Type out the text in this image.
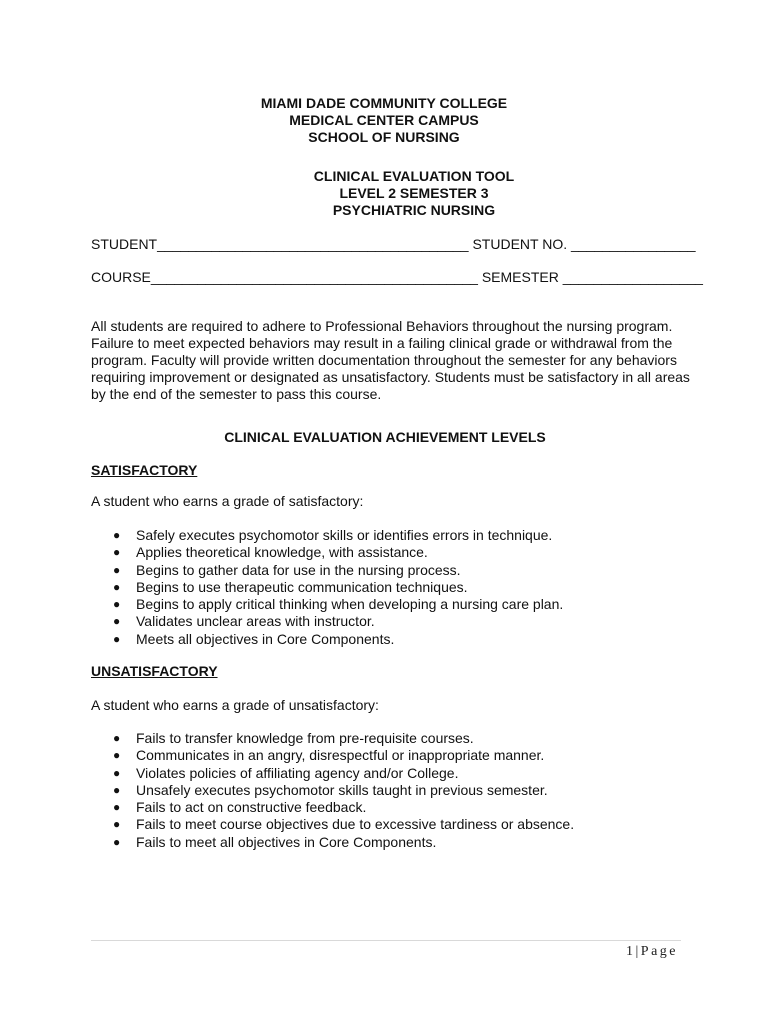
MIAMI DADE COMMUNITY COLLEGE
MEDICAL CENTER CAMPUS
SCHOOL OF NURSING
CLINICAL EVALUATION TOOL
LEVEL 2 SEMESTER 3
PSYCHIATRIC NURSING
STUDENT________________________________________ STUDENT NO. ________________
COURSE__________________________________________ SEMESTER __________________

All students are required to adhere to Professional Behaviors throughout the nursing program. Failure to meet expected behaviors may result in a failing clinical grade or withdrawal from the program. Faculty will provide written documentation throughout the semester for any behaviors requiring improvement or designated as unsatisfactory. Students must be satisfactory in all areas by the end of the semester to pass this course.

CLINICAL EVALUATION ACHIEVEMENT LEVELS
SATISFACTORY
A student who earns a grade of satisfactory:
● Safely executes psychomotor skills or identifies errors in technique.
● Applies theoretical knowledge, with assistance.
● Begins to gather data for use in the nursing process.
● Begins to use therapeutic communication techniques.
● Begins to apply critical thinking when developing a nursing care plan.
● Validates unclear areas with instructor.
● Meets all objectives in Core Components.
UNSATISFACTORY
A student who earns a grade of unsatisfactory:
● Fails to transfer knowledge from pre-requisite courses.
● Communicates in an angry, disrespectful or inappropriate manner.
● Violates policies of affiliating agency and/or College.
● Unsafely executes psychomotor skills taught in previous semester.
● Fails to act on constructive feedback.
● Fails to meet course objectives due to excessive tardiness or absence.
● Fails to meet all objectives in Core Components.
1|Page
